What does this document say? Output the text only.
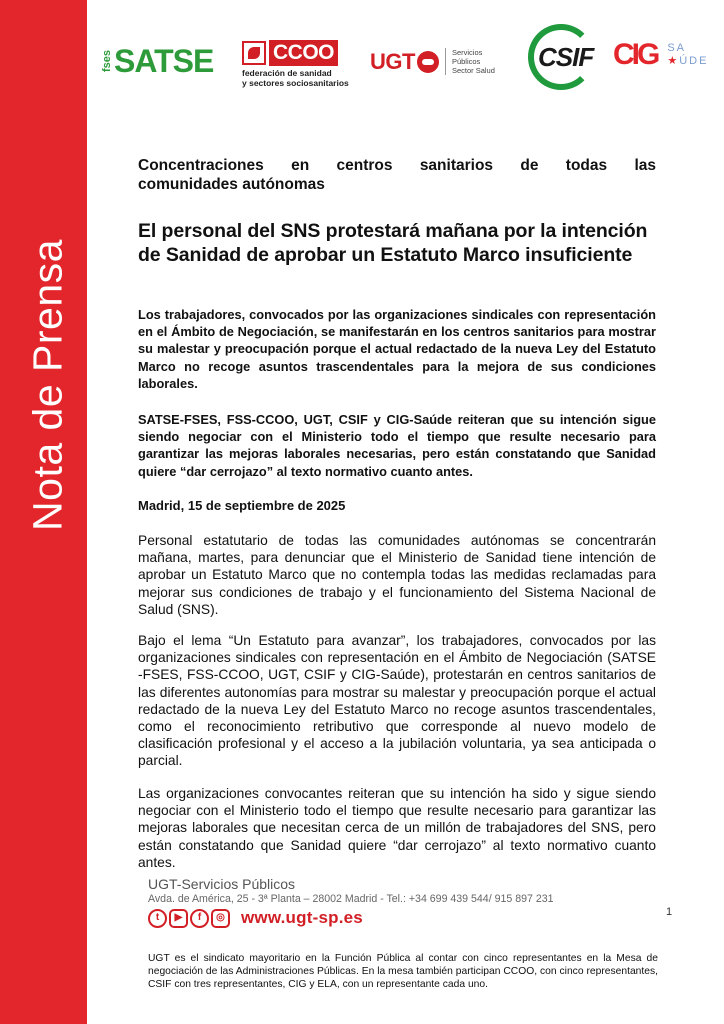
Nota de Prensa
fses SATSE	CCOO
federación de sanidad
y sectores sociosanitarios
UGT	Servicios
Públicos
Sector Salud CSIF CIG SA
★ÚDE
Concentraciones en centros sanitarios de todas las
comunidades autónomas
El personal del SNS protestará mañana por la intención de Sanidad de aprobar un Estatuto Marco insuficiente
Los trabajadores, convocados por las organizaciones sindicales con representación en el Ámbito de Negociación, se manifestarán en los centros sanitarios para mostrar su malestar y preocupación porque el actual redactado de la nueva Ley del Estatuto Marco no recoge asuntos trascendentales para la mejora de sus condiciones laborales.
SATSE-FSES, FSS-CCOO, UGT, CSIF y CIG-Saúde reiteran que su intención sigue siendo negociar con el Ministerio todo el tiempo que resulte necesario para garantizar las mejoras laborales necesarias, pero están constatando que Sanidad quiere “dar cerrojazo” al texto normativo cuanto antes.
Madrid, 15 de septiembre de 2025
Personal estatutario de todas las comunidades autónomas se concentrarán mañana, martes, para denunciar que el Ministerio de Sanidad tiene intención de aprobar un Estatuto Marco que no contempla todas las medidas reclamadas para mejorar sus condiciones de trabajo y el funcionamiento del Sistema Nacional de Salud (SNS).
Bajo el lema “Un Estatuto para avanzar”, los trabajadores, convocados por las organizaciones sindicales con representación en el Ámbito de Negociación (SATSE -FSES, FSS-CCOO, UGT, CSIF y CIG-Saúde), protestarán en centros sanitarios de las diferentes autonomías para mostrar su malestar y preocupación porque el actual redactado de la nueva Ley del Estatuto Marco no recoge asuntos trascendentales, como el reconocimiento retributivo que corresponde al nuevo modelo de clasificación profesional y el acceso a la jubilación voluntaria, ya sea anticipada o parcial.
Las organizaciones convocantes reiteran que su intención ha sido y sigue siendo negociar con el Ministerio todo el tiempo que resulte necesario para garantizar las mejoras laborales que necesitan cerca de un millón de trabajadores del SNS, pero están constatando que Sanidad quiere “dar cerrojazo” al texto normativo cuanto antes.
UGT-Servicios Públicos
Avda. de América, 25 - 3ª Planta – 28002 Madrid - Tel.: +34 699 439 544/ 915 897 231
t	▶	f	◎ www.ugt-sp.es	1
UGT es el sindicato mayoritario en la Función Pública al contar con cinco representantes en la Mesa de negociación de las Administraciones Públicas. En la mesa también participan CCOO, con cinco representantes, CSIF con tres representantes, CIG y ELA, con un representante cada uno.
